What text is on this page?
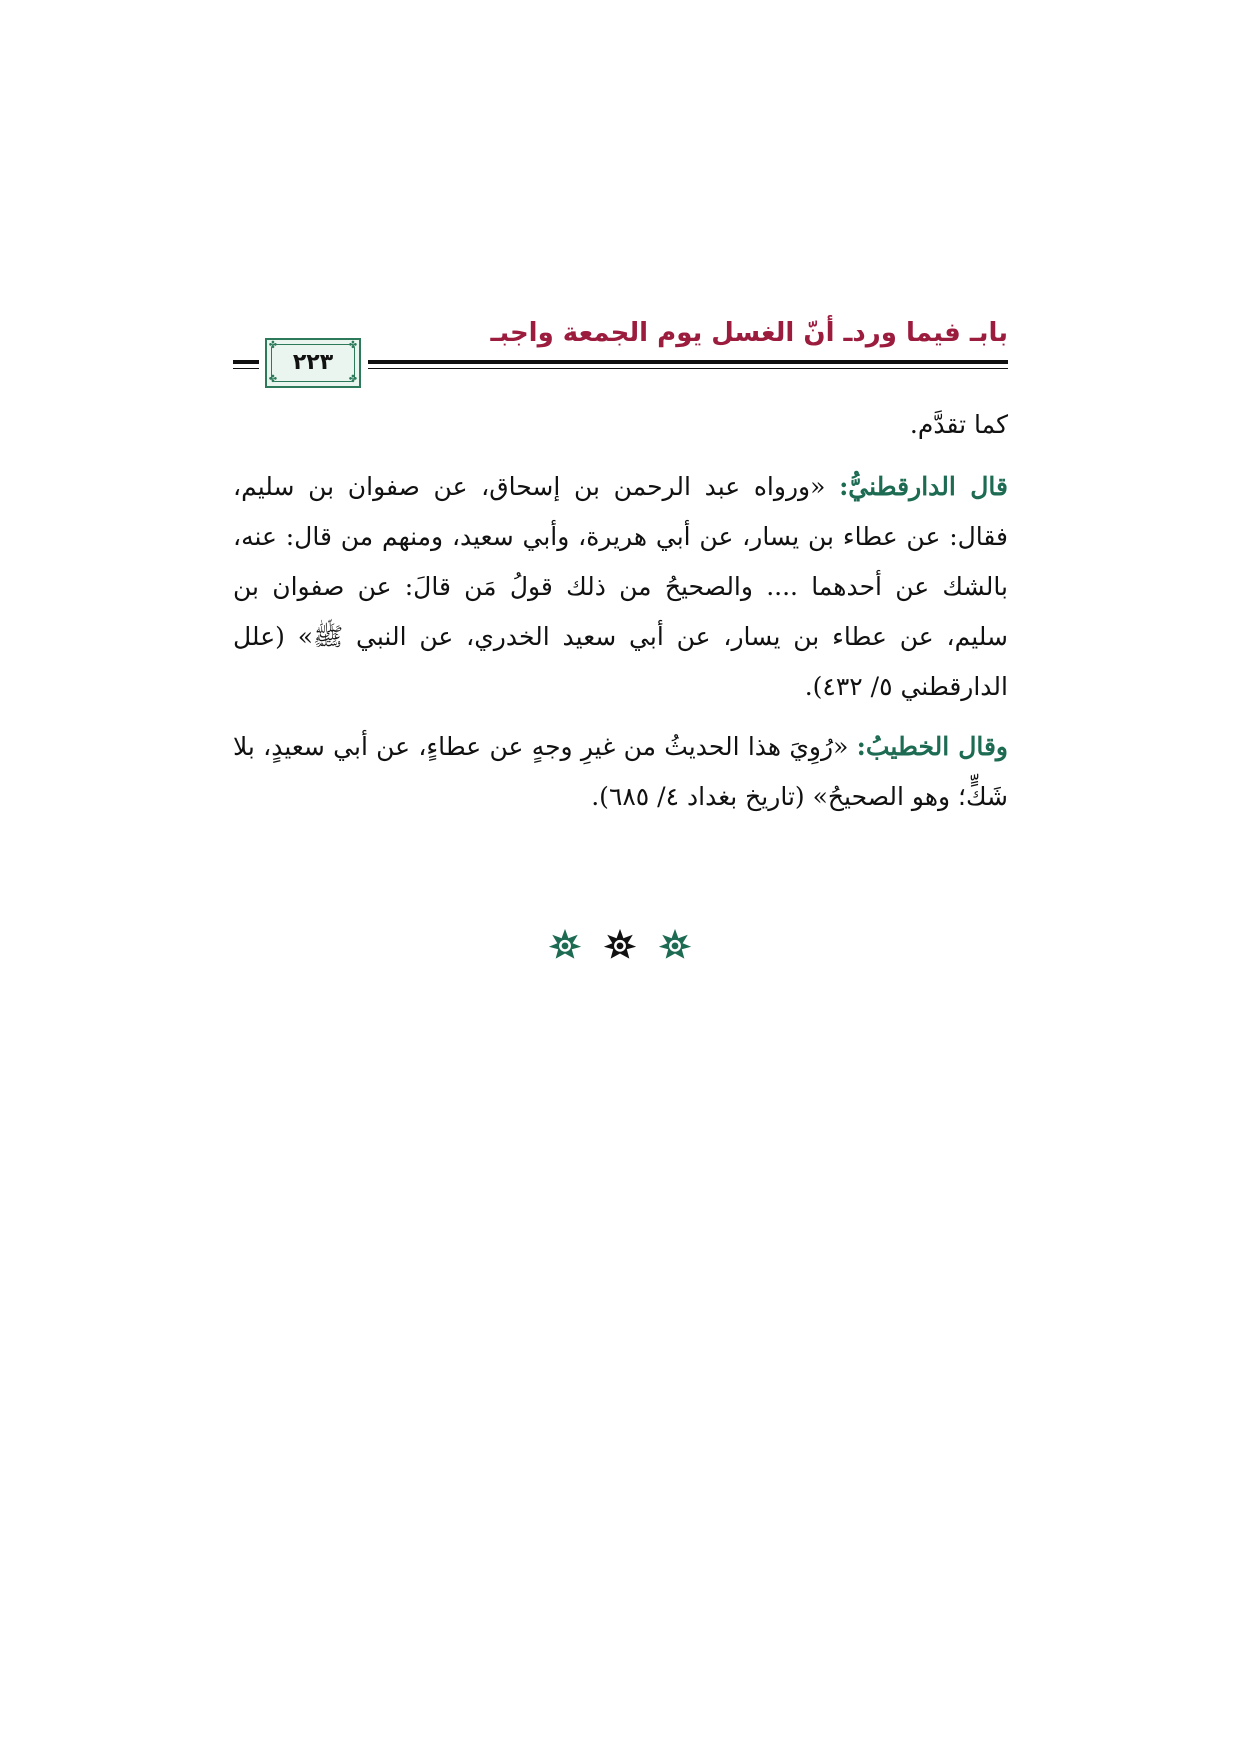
بابـ فيما وردـ أنّ الغسل يوم الجمعة واجبـ
✤	✤
✤	✤
٢٢٣

كما تقدَّم.

قال الدارقطنيُّ: «ورواه عبد الرحمن بن إسحاق، عن صفوان بن سليم، فقال: عن عطاء بن يسار، عن أبي هريرة، وأبي سعيد، ومنهم من قال: عنه، بالشك عن أحدهما .... والصحيحُ من ذلك قولُ مَن قالَ: عن صفوان بن سليم، عن عطاء بن يسار، عن أبي سعيد الخدري، عن النبي ﷺ» (علل الدارقطني ٥/ ٤٣٢).

وقال الخطيبُ: «رُوِيَ هذا الحديثُ من غيرِ وجهٍ عن عطاءٍ، عن أبي سعيدٍ، بلا شَكٍّ؛ وهو الصحيحُ» (تاريخ بغداد ٤/ ٦٨٥).
